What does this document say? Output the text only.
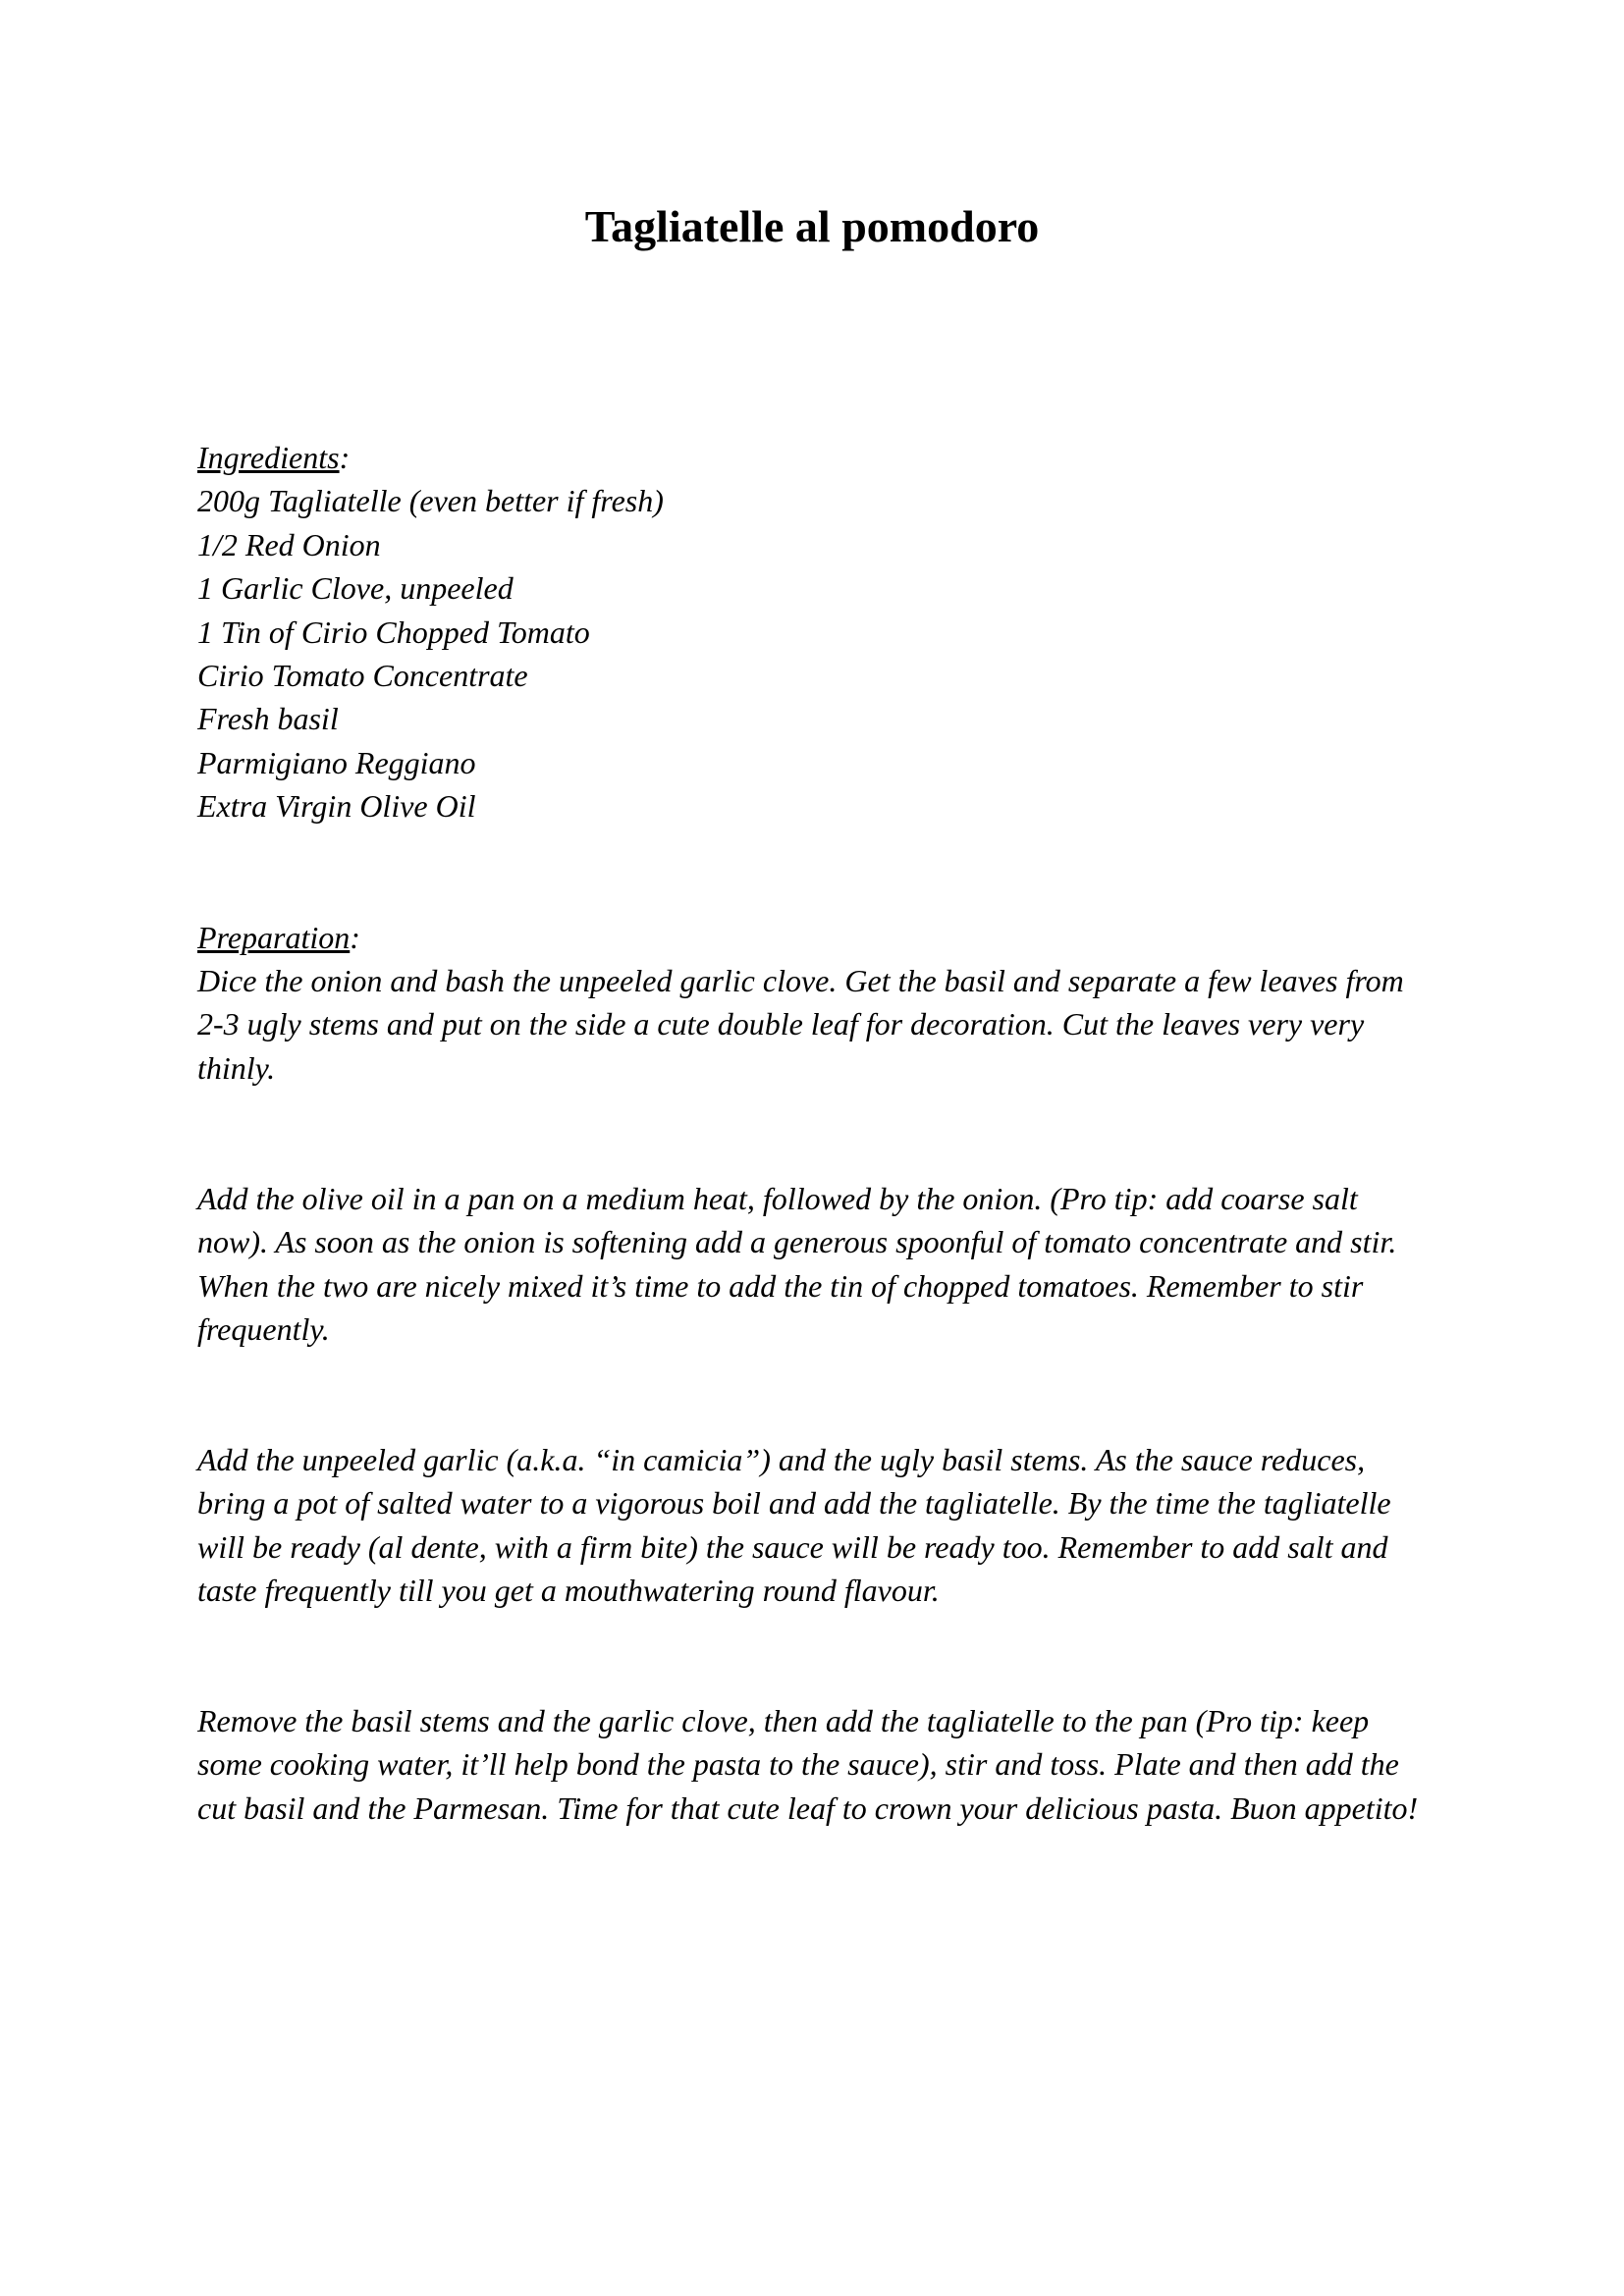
Tagliatelle al pomodoro

Ingredients:

200g Tagliatelle (even better if fresh)
1/2 Red Onion
1 Garlic Clove, unpeeled
1 Tin of Cirio Chopped Tomato
Cirio Tomato Concentrate
Fresh basil
Parmigiano Reggiano
Extra Virgin Olive Oil

Preparation:

Dice the onion and bash the unpeeled garlic clove. Get the basil and separate a few leaves from 2-3 ugly stems and put on the side a cute double leaf for decoration. Cut the leaves very very thinly.

Add the olive oil in a pan on a medium heat, followed by the onion. (Pro tip: add coarse salt now). As soon as the onion is softening add a generous spoonful of tomato concentrate and stir. When the two are nicely mixed it’s time to add the tin of chopped tomatoes. Remember to stir frequently.

Add the unpeeled garlic (a.k.a. “in camicia”) and the ugly basil stems. As the sauce reduces, bring a pot of salted water to a vigorous boil and add the tagliatelle. By the time the tagliatelle will be ready (al dente, with a firm bite) the sauce will be ready too. Remember to add salt and taste frequently till you get a mouthwatering round flavour.

Remove the basil stems and the garlic clove, then add the tagliatelle to the pan (Pro tip: keep some cooking water, it’ll help bond the pasta to the sauce), stir and toss. Plate and then add the cut basil and the Parmesan. Time for that cute leaf to crown your delicious pasta. Buon appetito!
